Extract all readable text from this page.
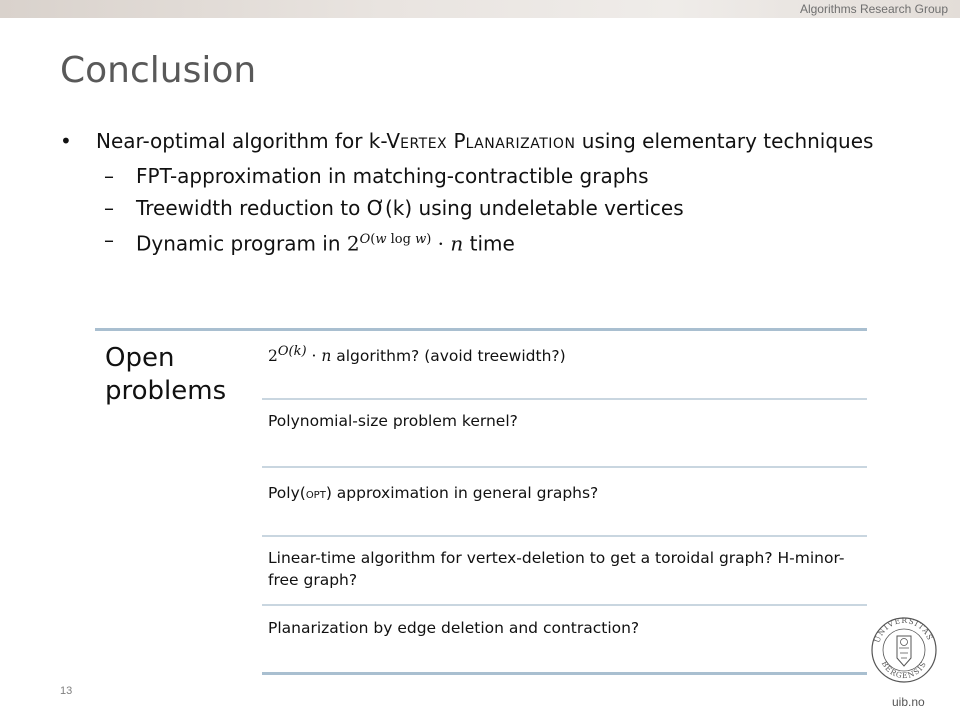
Algorithms Research Group
Conclusion
• Near-optimal algorithm for k-VERTEX PLANARIZATION using elementary techniques
– FPT-approximation in matching-contractible graphs
– Treewidth reduction to Ơ(k) using undeletable vertices
– Dynamic program in $2^{O(w log w)} \cdot n$ time
Open problems
$2^{O(k)} \cdot n$ algorithm? (avoid treewidth?)
Polynomial-size problem kernel?
Poly(OPT) approximation in general graphs?
Linear-time algorithm for vertex-deletion to get a toroidal graph? H-minor-free graph?
Planarization by edge deletion and contraction?
13
UNIVERSITAS
BERGENSIS
uib.no
